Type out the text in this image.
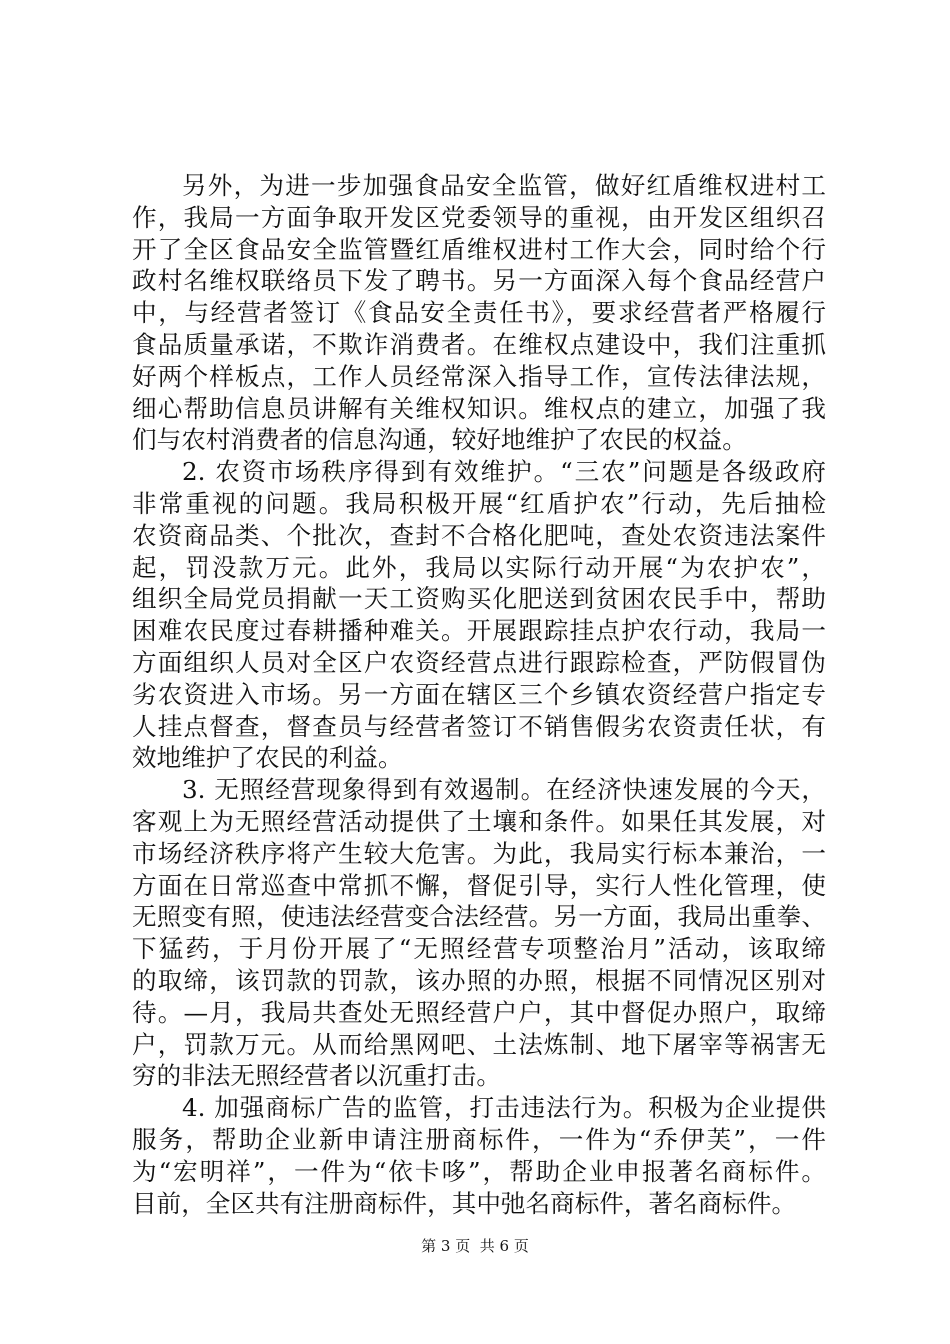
另外，为进一步加强食品安全监管，做好红盾维权进村工
作，我局一方面争取开发区党委领导的重视，由开发区组织召
开了全区食品安全监管暨红盾维权进村工作大会，同时给个行
政村名维权联络员下发了聘书。另一方面深入每个食品经营户
中，与经营者签订《食品安全责任书》，要求经营者严格履行
食品质量承诺，不欺诈消费者。在维权点建设中，我们注重抓
好两个样板点，工作人员经常深入指导工作，宣传法律法规，
细心帮助信息员讲解有关维权知识。维权点的建立，加强了我
们与农村消费者的信息沟通，较好地维护了农民的权益。
2. 农资市场秩序得到有效维护。“三农”问题是各级政府
非常重视的问题。我局积极开展“红盾护农”行动，先后抽检
农资商品类、个批次，查封不合格化肥吨，查处农资违法案件
起，罚没款万元。此外，我局以实际行动开展“为农护农”，
组织全局党员捐献一天工资购买化肥送到贫困农民手中，帮助
困难农民度过春耕播种难关。开展跟踪挂点护农行动，我局一
方面组织人员对全区户农资经营点进行跟踪检查，严防假冒伪
劣农资进入市场。另一方面在辖区三个乡镇农资经营户指定专
人挂点督查，督查员与经营者签订不销售假劣农资责任状，有
效地维护了农民的利益。
3. 无照经营现象得到有效遏制。在经济快速发展的今天，
客观上为无照经营活动提供了土壤和条件。如果任其发展，对
市场经济秩序将产生较大危害。为此，我局实行标本兼治，一
方面在日常巡查中常抓不懈，督促引导，实行人性化管理，使
无照变有照，使违法经营变合法经营。另一方面，我局出重拳、
下猛药，于月份开展了“无照经营专项整治月”活动，该取缔
的取缔，该罚款的罚款，该办照的办照，根据不同情况区别对
待。—月，我局共查处无照经营户户，其中督促办照户，取缔
户，罚款万元。从而给黑网吧、土法炼制、地下屠宰等祸害无
穷的非法无照经营者以沉重打击。
4. 加强商标广告的监管，打击违法行为。积极为企业提供
服务，帮助企业新申请注册商标件，一件为“乔伊芙”，一件
为“宏明祥”，一件为“依卡哆”，帮助企业申报著名商标件。
目前，全区共有注册商标件，其中弛名商标件，著名商标件。
第 3 页  共 6 页
